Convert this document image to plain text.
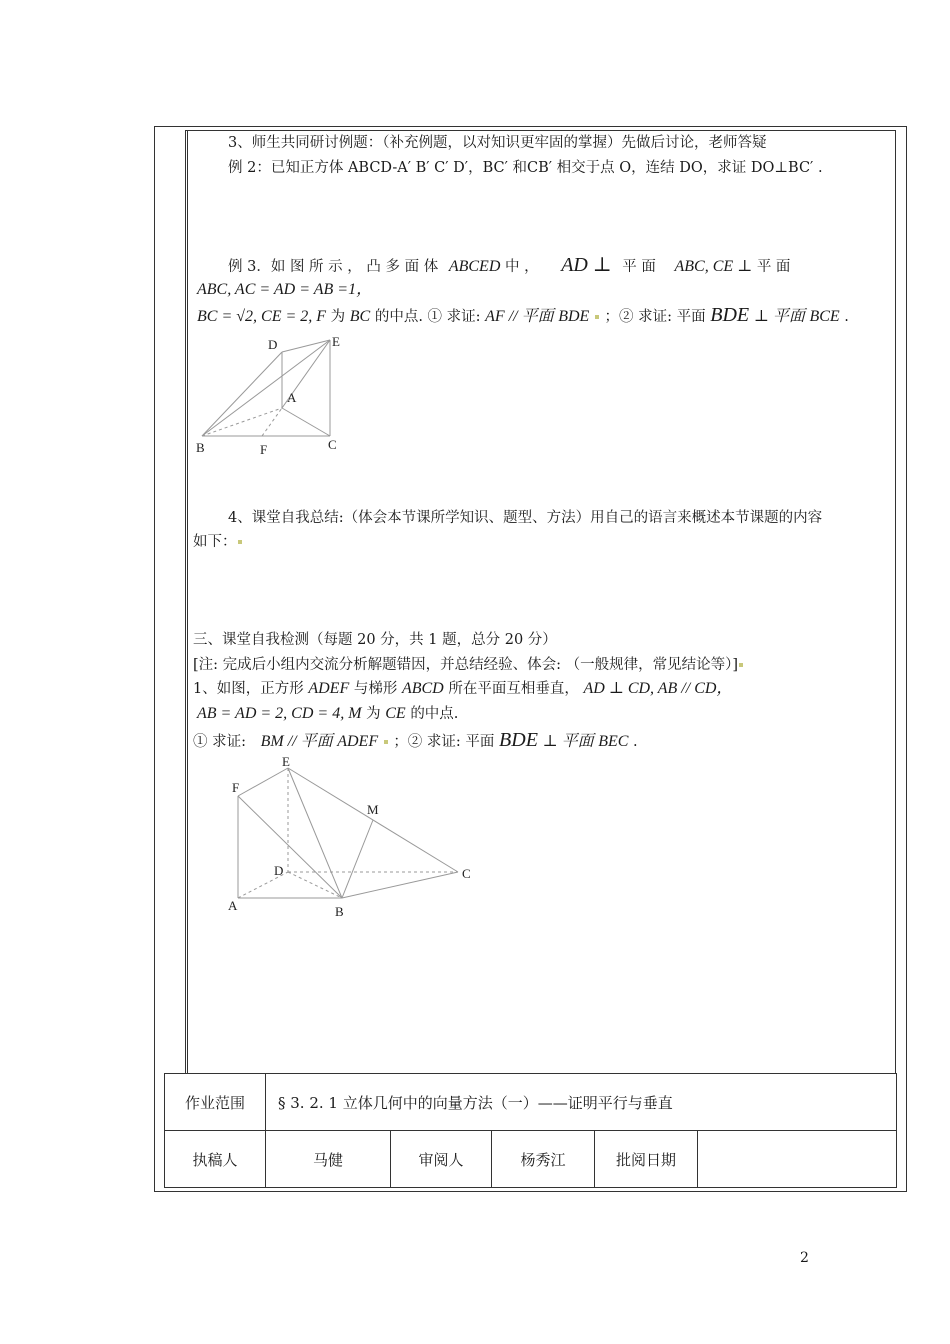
3、师生共同研讨例题：（补充例题，以对知识更牢固的掌握）先做后讨论，老师答疑
例 2：已知正方体 ABCD-A′ B′ C′ D′，BC′ 和CB′ 相交于点 O，连结 DO，求证 DO⊥BC′ .
例 3．如 图 所 示 ， 凸 多 面 体 ABCED 中 ， AD ⊥ 平 面 ABC, CE ⊥ 平 面
ABC, AC = AD = AB =1，
BC = √2, CE = 2, F 为 BC 的中点. ① 求证: AF // 平面 BDE ；② 求证: 平面 BDE ⊥ 平面 BCE .
D	E
A
B	F	C
4、课堂自我总结:（体会本节课所学知识、题型、方法）用自己的语言来概述本节课题的内容
如下：
三、课堂自我检测（每题 20 分，共 1 题，总分 20 分）
[注: 完成后小组内交流分析解题错因，并总结经验、体会: （一般规律，常见结论等）]
1、如图，正方形 ADEF 与梯形 ABCD 所在平面互相垂直， AD ⊥ CD, AB // CD，
AB = AD = 2, CD = 4, M 为 CE 的中点.
① 求证: BM // 平面 ADEF ；② 求证: 平面 BDE ⊥ 平面 BEC .
E
F
M
D	C
A	B
作业范围	§ 3. 2. 1 立体几何中的向量方法（一）——证明平行与垂直				
执稿人	马健	审阅人	杨秀江	批阅日期	
2
